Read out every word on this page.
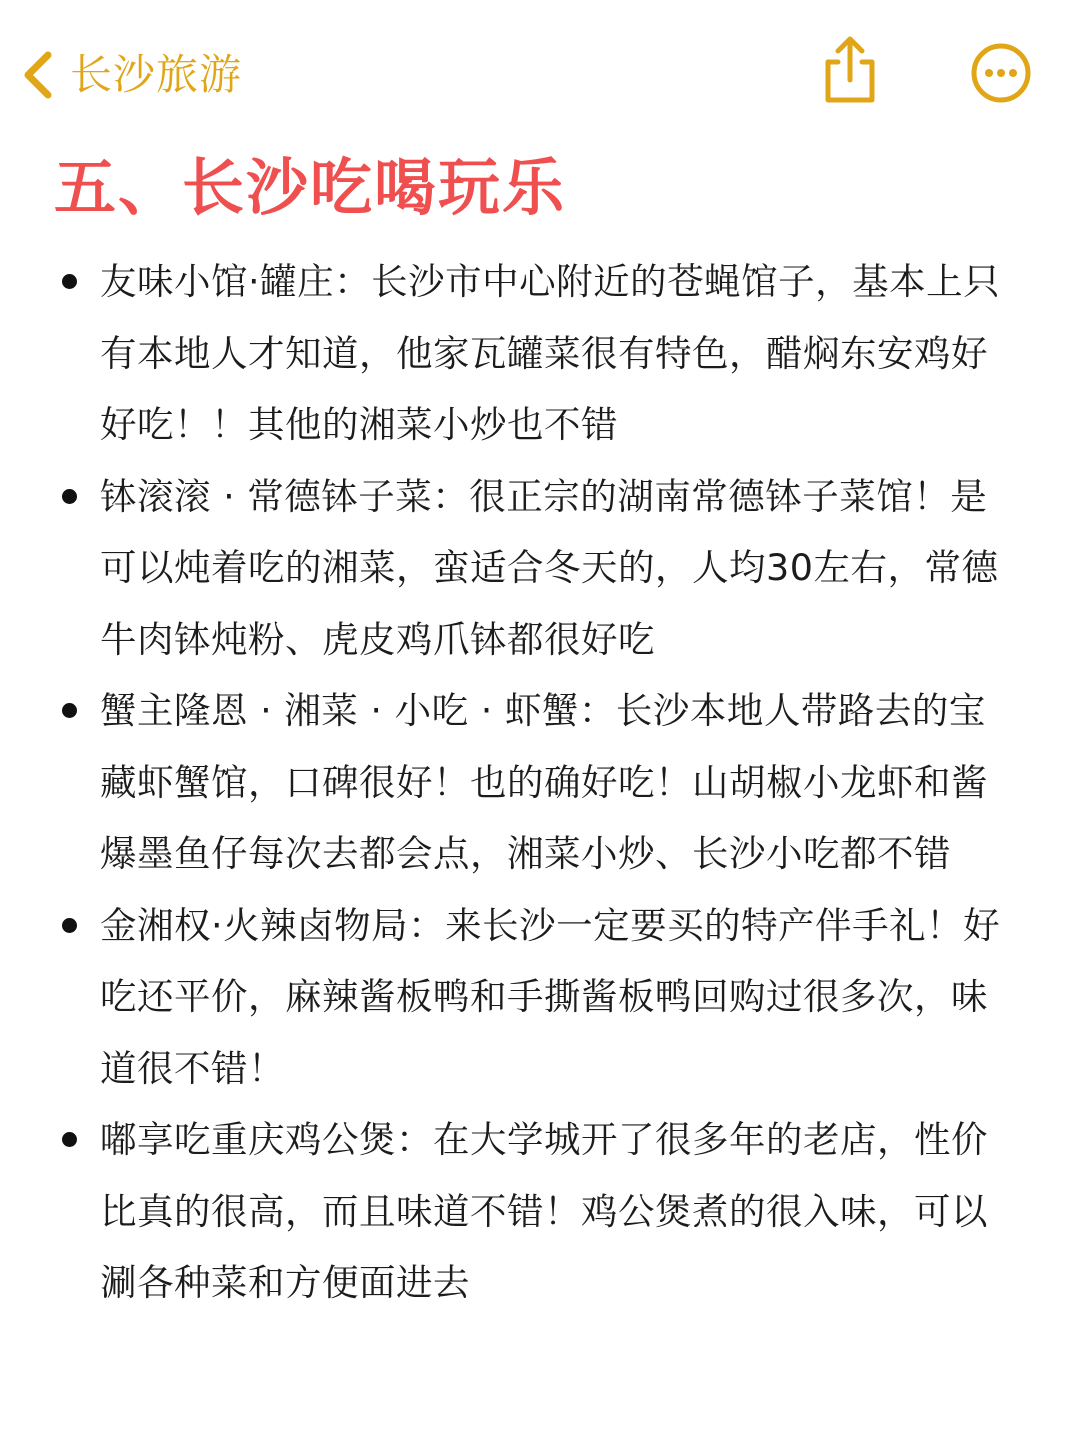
长沙旅游
五、长沙吃喝玩乐
友味小馆·罐庄：长沙市中心附近的苍蝇馆子，基本上只有本地人才知道，他家瓦罐菜很有特色，醋焖东安鸡好好吃！！其他的湘菜小炒也不错
钵滚滚 · 常德钵子菜：很正宗的湖南常德钵子菜馆！是可以炖着吃的湘菜，蛮适合冬天的，人均30左右，常德牛肉钵炖粉、虎皮鸡爪钵都很好吃
蟹主隆恩 · 湘菜 · 小吃 · 虾蟹：长沙本地人带路去的宝藏虾蟹馆，口碑很好！也的确好吃！山胡椒小龙虾和酱爆墨鱼仔每次去都会点，湘菜小炒、长沙小吃都不错
金湘权·火辣卤物局：来长沙一定要买的特产伴手礼！好吃还平价，麻辣酱板鸭和手撕酱板鸭回购过很多次，味道很不错！
嘟享吃重庆鸡公煲：在大学城开了很多年的老店，性价比真的很高，而且味道不错！鸡公煲煮的很入味，可以涮各种菜和方便面进去
